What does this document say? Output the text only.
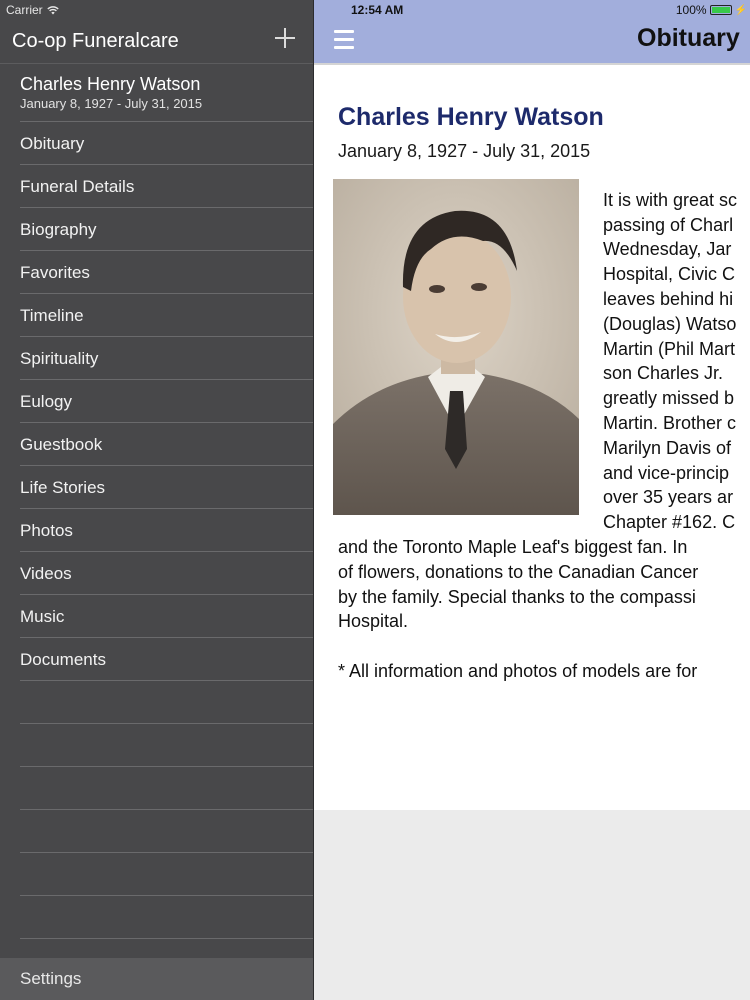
Carrier
Co-op Funeralcare
Charles Henry Watson
January 8, 1927 - July 31, 2015
Obituary
Funeral Details
Biography
Favorites
Timeline
Spirituality
Eulogy
Guestbook
Life Stories
Photos
Videos
Music
Documents
Settings
12:54 AM	100%	⚡
Obituary
Charles Henry Watson
January 8, 1927 - July 31, 2015
It is with great sc
passing of Charl
Wednesday, Jar
Hospital, Civic C
leaves behind hi
(Douglas) Watso
Martin (Phil Mart
son Charles Jr.
greatly missed b
Martin. Brother c
Marilyn Davis of
and vice-princip
over 35 years ar
Chapter #162. C
and the Toronto Maple Leaf's biggest fan. In
of flowers, donations to the Canadian Cancer
by the family. Special thanks to the compassi
Hospital.
* All information and photos of models are for
